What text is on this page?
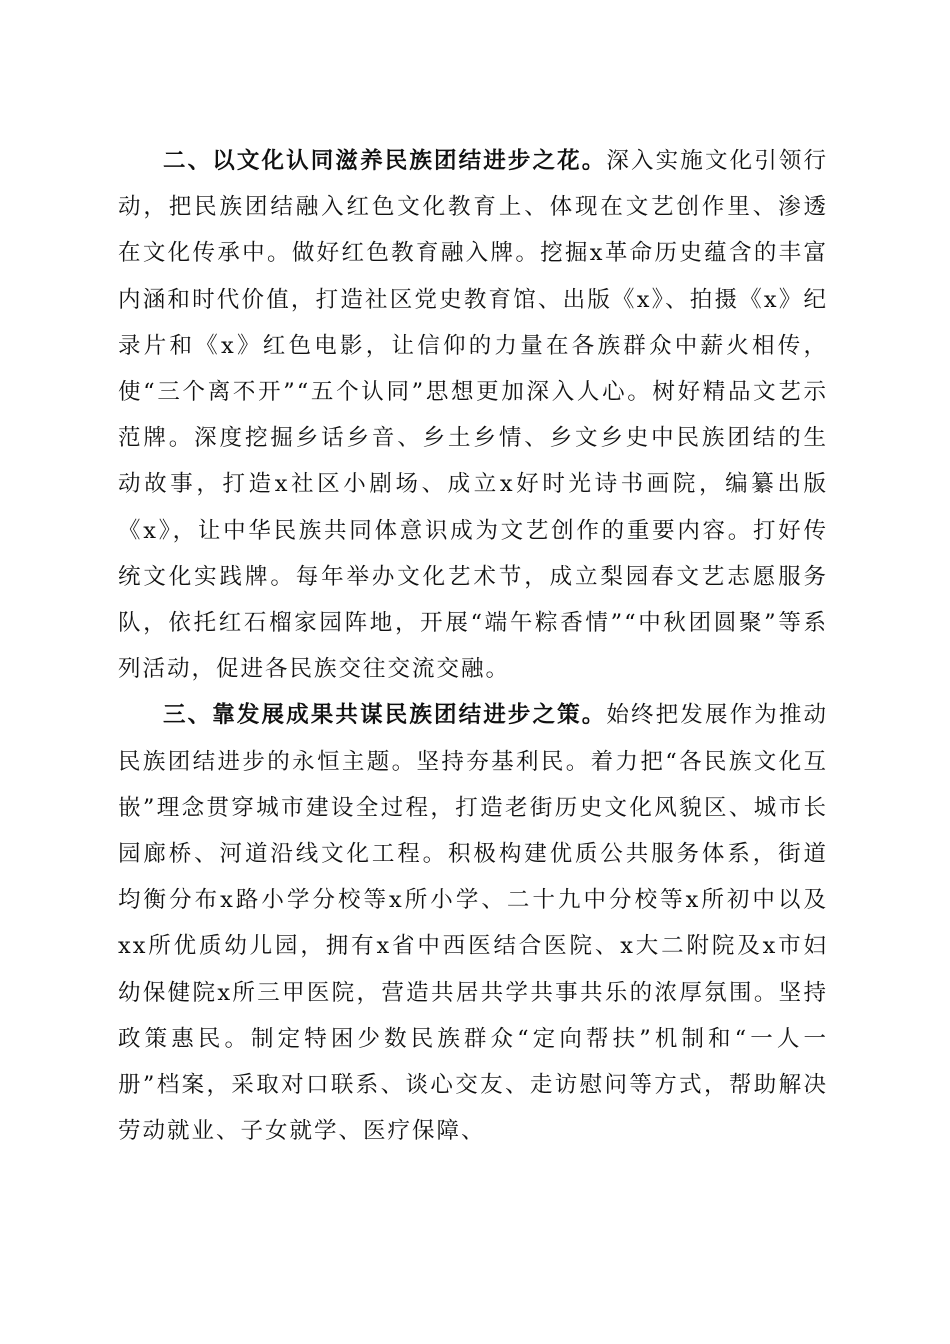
二、以文化认同滋养民族团结进步之花。深入实施文化引领行动，把民族团结融入红色文化教育上、体现在文艺创作里、渗透在文化传承中。做好红色教育融入牌。挖掘x革命历史蕴含的丰富内涵和时代价值，打造社区党史教育馆、出版《x》、拍摄《x》纪录片和《x》红色电影，让信仰的力量在各族群众中薪火相传，使“三个离不开”“五个认同”思想更加深入人心。树好精品文艺示范牌。深度挖掘乡话乡音、乡土乡情、乡文乡史中民族团结的生动故事，打造x社区小剧场、成立x好时光诗书画院，编纂出版《x》，让中华民族共同体意识成为文艺创作的重要内容。打好传统文化实践牌。每年举办文化艺术节，成立梨园春文艺志愿服务队，依托红石榴家园阵地，开展“端午粽香情”“中秋团圆聚”等系列活动，促进各民族交往交流交融。

三、靠发展成果共谋民族团结进步之策。始终把发展作为推动民族团结进步的永恒主题。坚持夯基利民。着力把“各民族文化互嵌”理念贯穿城市建设全过程，打造老街历史文化风貌区、城市长园廊桥、河道沿线文化工程。积极构建优质公共服务体系，街道均衡分布x路小学分校等x所小学、二十九中分校等x所初中以及xx所优质幼儿园，拥有x省中西医结合医院、x大二附院及x市妇幼保健院x所三甲医院，营造共居共学共事共乐的浓厚氛围。坚持政策惠民。制定特困少数民族群众“定向帮扶”机制和“一人一册”档案，采取对口联系、谈心交友、走访慰问等方式，帮助解决劳动就业、子女就学、医疗保障、
